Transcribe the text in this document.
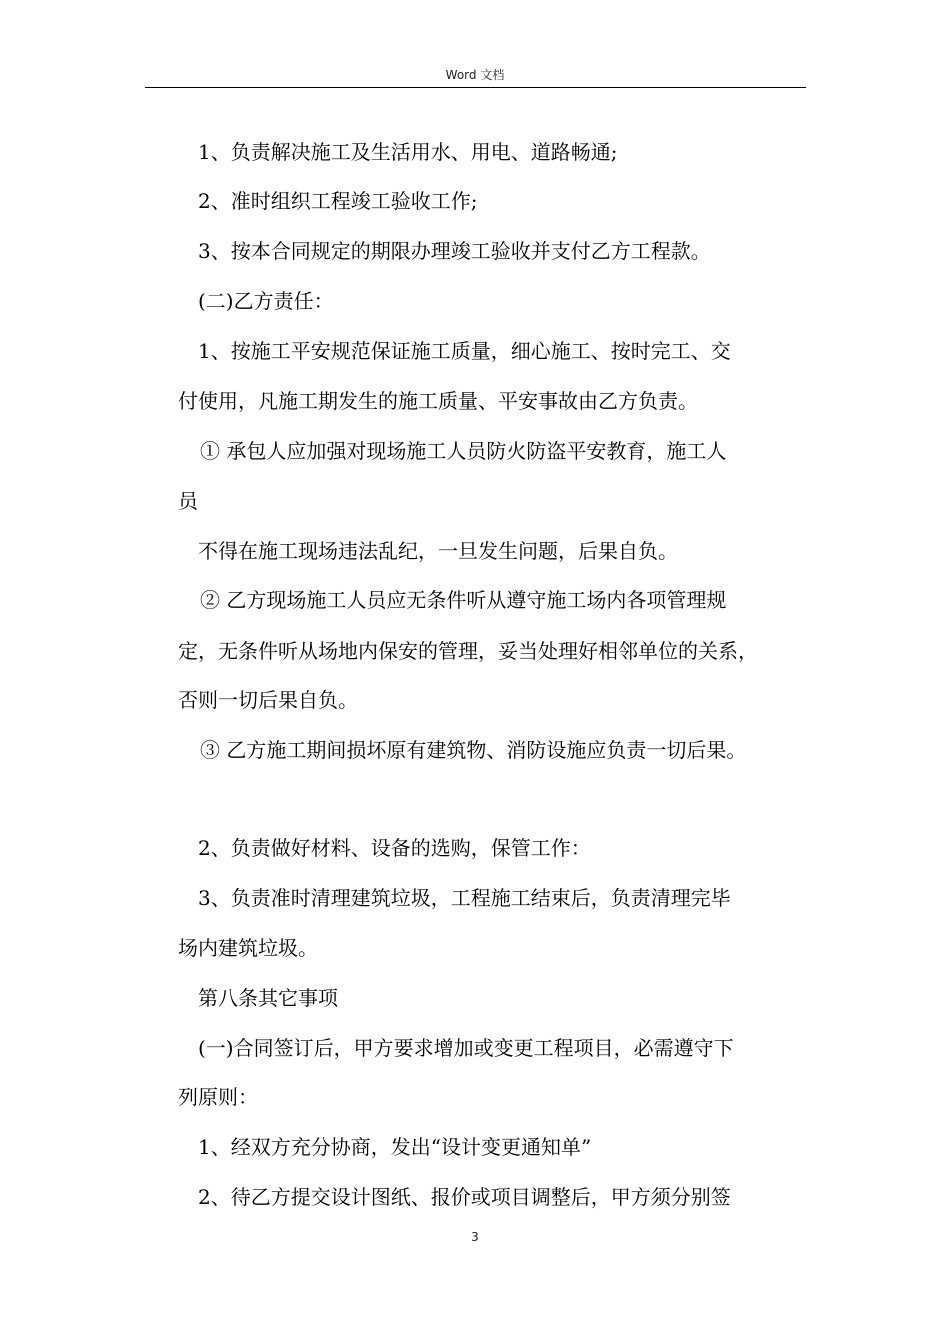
Word 文档
1、负责解决施工及生活用水、用电、道路畅通;
2、准时组织工程竣工验收工作;
3、按本合同规定的期限办理竣工验收并支付乙方工程款。
(二)乙方责任：
1、按施工平安规范保证施工质量，细心施工、按时完工、交
付使用，凡施工期发生的施工质量、平安事故由乙方负责。
① 承包人应加强对现场施工人员防火防盗平安教育，施工人
员
不得在施工现场违法乱纪，一旦发生问题，后果自负。
② 乙方现场施工人员应无条件听从遵守施工场内各项管理规
定，无条件听从场地内保安的管理，妥当处理好相邻单位的关系，
否则一切后果自负。
③ 乙方施工期间损坏原有建筑物、消防设施应负责一切后果。
2、负责做好材料、设备的选购，保管工作：
3、负责准时清理建筑垃圾，工程施工结束后，负责清理完毕
场内建筑垃圾。
第八条其它事项
(一)合同签订后，甲方要求增加或变更工程项目，必需遵守下
列原则：
1、经双方充分协商，发出“设计变更通知单”
2、待乙方提交设计图纸、报价或项目调整后，甲方须分别签
3
